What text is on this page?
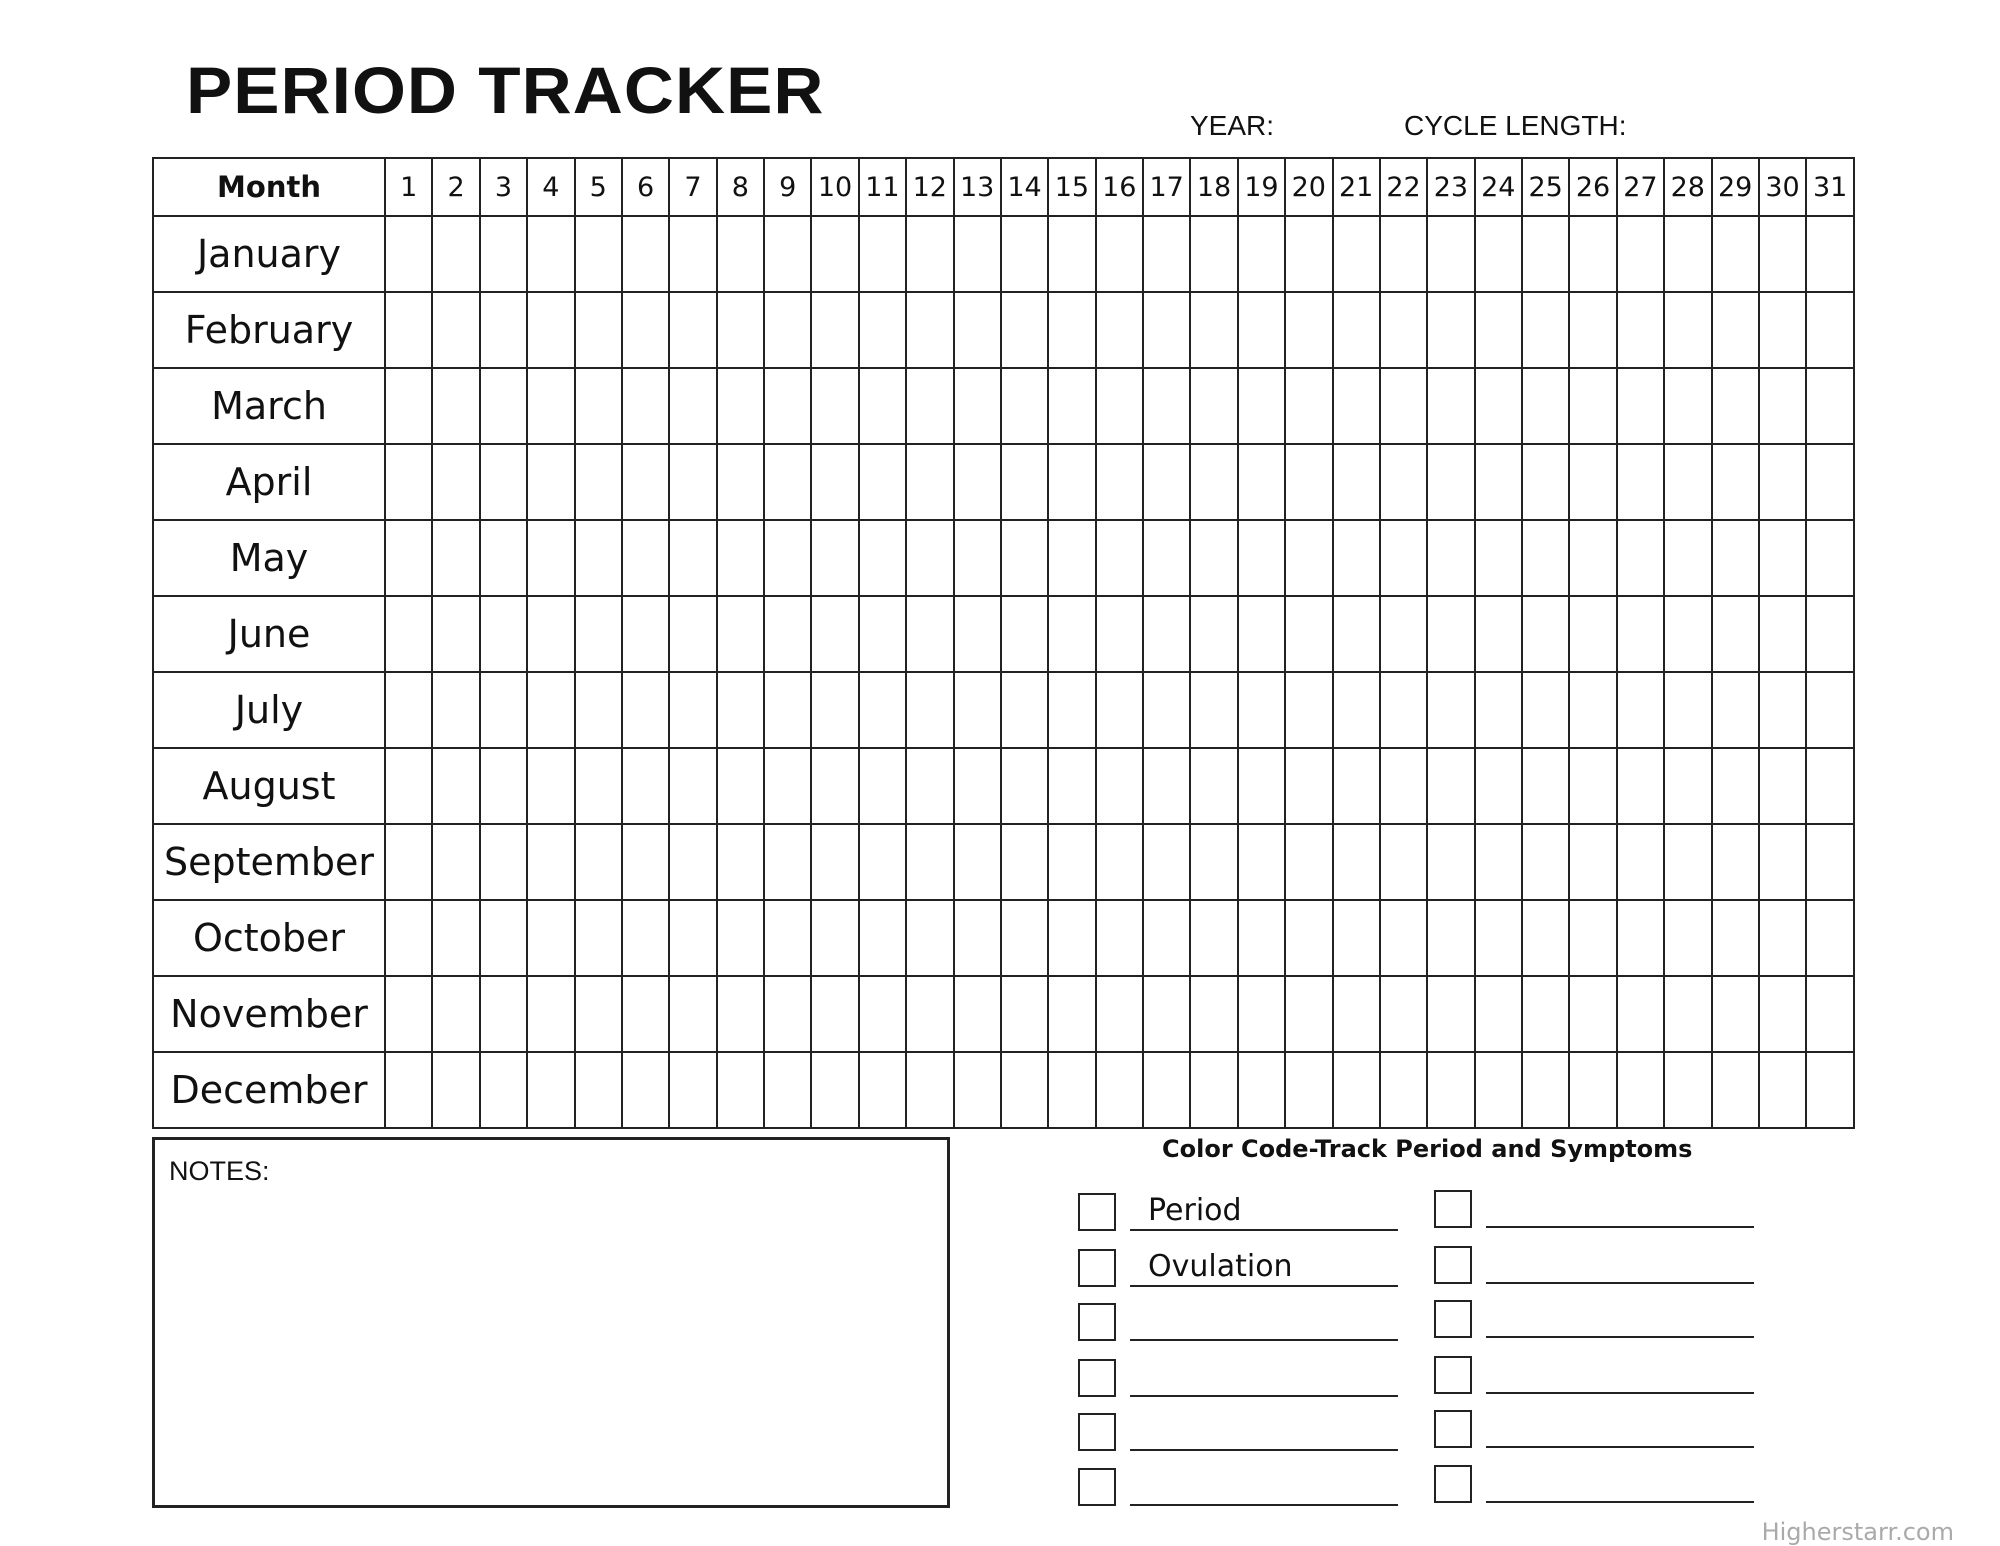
PERIOD TRACKER	YEAR:	CYCLE LENGTH:
Month	1	2	3	4	5	6	7	8	9	10	11	12	13	14	15	16	17	18	19	20	21	22	23	24	25	26	27	28	29	30	31
January																															
February																															
March																															
April																															
May																															
June																															
July																															
August																															
September																															
October																															
November																															
December																															
NOTES:
Color Code-Track Period and Symptoms
Period
Ovulation
Higherstarr.com
